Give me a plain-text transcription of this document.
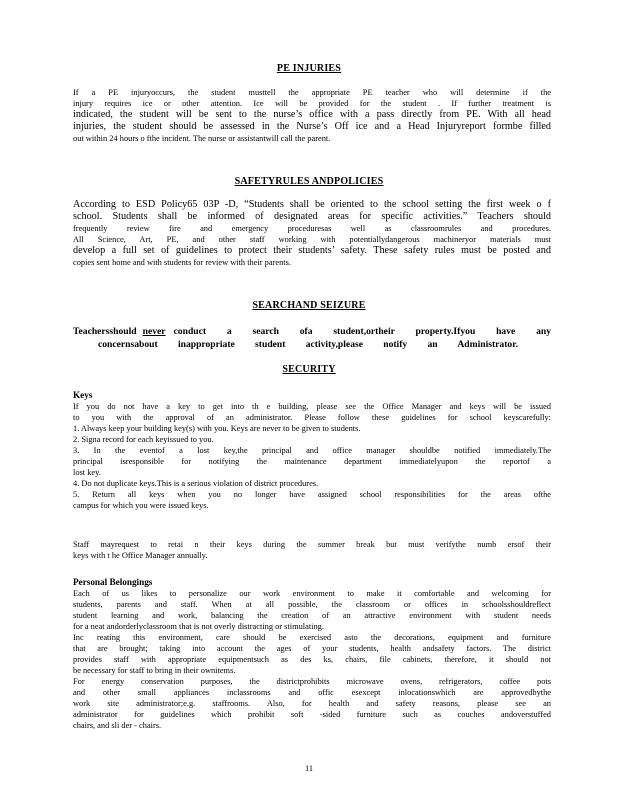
PE INJURIES
If a PE injuryoccurs, the student musttell the appropriate PE teacher who will determine if the
injury requires ice or other attention. Ice will be provided for the student . If further treatment is
indicated, the student will be sent to the nurse’s office with a pass directly from PE. With all head
injuries, the student should be assessed in the Nurse’s Off ice and a Head Injuryreport formbe filled
out within 24 hours o fthe incident. The nurse or assistantwill call the parent.
SAFETYRULES ANDPOLICIES
According to ESD Policy65 03P -D, “Students shall be oriented to the school setting the first week o f
school. Students shall be informed of designated areas for specific activities.” Teachers should
frequently review fire and emergency proceduresas well as classroomrules and procedures.
All Science, Art, PE, and other staff working with potentiallydangerous machineryor materials must
develop a full set of guidelines to protect their students’ safety. These safety rules must be posted and
copies sent home and with students for review with their parents.
SEARCHAND SEIZURE
Teachersshould never conduct a search ofa student,ortheir property.Ifyou have any
concernsabout inappropriate student activity,please notify an Administrator.
SECURITY
Keys
If you do not have a key to get into th e building, please see the Office Manager and keys will be issued
to you with the approval of an administrator. Please follow these guidelines for school keyscarefully:
1. Always keep your building key(s) with you. Keys are never to be given to students.
2. Signa record for each keyissued to you.
3. In the eventof a lost key,the principal and office manager shouldbe notified immediately.The
principal isresponsible for notifying the maintenance department immediatelyupon the reportof a
lost key.
4. Do not duplicate keys.This is a serious violation of district procedures.
5. Return all keys when you no longer have assigned school responsibilities for the areas ofthe
campus for which you were issued keys.
Staff mayrequest to retai n their keys during the summer break but must verifythe numb ersof their
keys with t he Office Manager annually.
Personal Belongings
Each of us likes to personalize our work environment to make it comfortable and welcoming for
students, parents and staff. When at all possible, the classroom or offices in schoolsshouldreflect
student learning and work, balancing the creation of an attractive environment with student needs
for a neat andorderlyclassroom that is not overly distracting or stimulating.
Inc reating this environment, care should be exercised asto the decorations, equipment and furniture
that are brought; taking into account the ages of your students, health andsafety factors. The district
provides staff with appropriate equipmentsuch as des ks, chairs, file cabinets, therefore, it should not
be necessary for staff to bring in their ownitems.
For energy conservation purposes, the districtprohibits microwave ovens, refrigerators, coffee pots
and other small appliances inclassrooms and offic esexcept inlocationswhich are approvedbythe
work site administrator;e.g. staffrooms. Also, for health and safety reasons, please see an
administrator for guidelines which prohibit soft -sided furniture such as couches andoverstuffed
chairs, and sli der - chairs.
11
